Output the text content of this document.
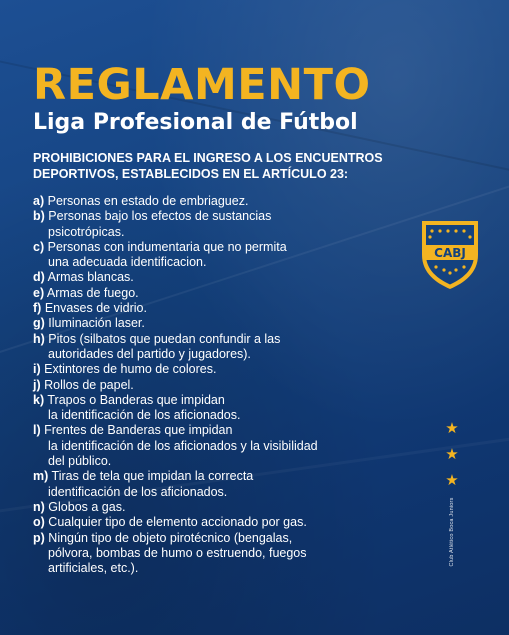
REGLAMENTO
Liga Profesional de Fútbol
PROHIBICIONES PARA EL INGRESO A LOS ENCUENTROS
DEPORTIVOS, ESTABLECIDOS EN EL ARTÍCULO 23:
a) Personas en estado de embriaguez.
b) Personas bajo los efectos de sustancias
psicotrópicas.
c) Personas con indumentaria que no permita
una adecuada identificacion.
d) Armas blancas.
e) Armas de fuego.
f) Envases de vidrio.
g) Iluminación laser.
h) Pitos (silbatos que puedan confundir a las
autoridades del partido y jugadores).
i) Extintores de humo de colores.
j) Rollos de papel.
k) Trapos o Banderas que impidan
la identificación de los aficionados.
l) Frentes de Banderas que impidan
la identificación de los aficionados y la visibilidad
del público.
m) Tiras de tela que impidan la correcta
identificación de los aficionados.
n) Globos a gas.
o) Cualquier tipo de elemento accionado por gas.
p) Ningún tipo de objeto pirotécnico (bengalas,
pólvora, bombas de humo o estruendo, fuegos
artificiales, etc.).
CABJ
★
★
★
Club Atlético Boca Juniors
